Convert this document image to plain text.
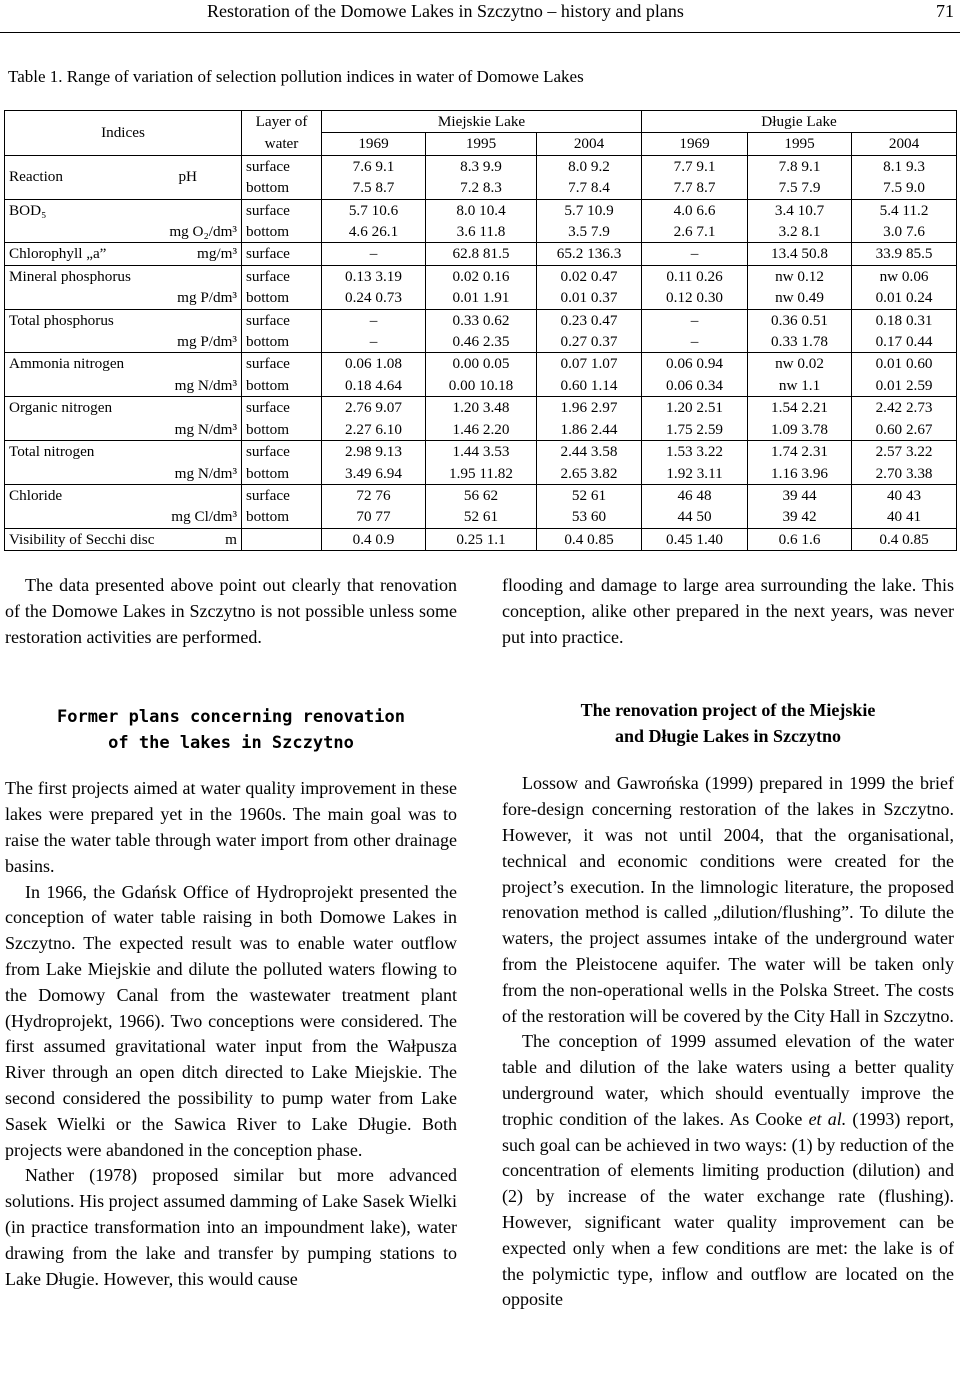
Restoration of the Domowe Lakes in Szczytno – history and plans	71
Table 1. Range of variation of selection pollution indices in water of Domowe Lakes
Indices	Layer of	Miejskie Lake			Długie Lake		
	water	1969	1995	2004	1969	1995	2004

Reaction pH	surface	7.6 9.1	8.3 9.9	8.0 9.2	7.7 9.1	7.8 9.1	8.1 9.3
	bottom	7.5 8.7	7.2 8.3	7.7 8.4	7.7 8.7	7.5 7.9	7.5 9.0

BOD₅
mg O₂/dm³	surface	5.7 10.6	8.0 10.4	5.7 10.9	4.0 6.6	3.4 10.7	5.4 11.2
	bottom	4.6 26.1	3.6 11.8	3.5 7.9	2.6 7.1	3.2 8.1	3.0 7.6

Chlorophyll „a” mg/m³	surface	–	62.8 81.5	65.2 136.3	–	13.4 50.8	33.9 85.5

Mineral phosphorus
mg P/dm³	surface	0.13 3.19	0.02 0.16	0.02 0.47	0.11 0.26	nw 0.12	nw 0.06
	bottom	0.24 0.73	0.01 1.91	0.01 0.37	0.12 0.30	nw 0.49	0.01 0.24

Total phosphorus
mg P/dm³	surface	–	0.33 0.62	0.23 0.47	–	0.36 0.51	0.18 0.31
	bottom	–	0.46 2.35	0.27 0.37	–	0.33 1.78	0.17 0.44

Ammonia nitrogen
mg N/dm³	surface	0.06 1.08	0.00 0.05	0.07 1.07	0.06 0.94	nw 0.02	0.01 0.60
	bottom	0.18 4.64	0.00 10.18	0.60 1.14	0.06 0.34	nw 1.1	0.01 2.59

Organic nitrogen
mg N/dm³	surface	2.76 9.07	1.20 3.48	1.96 2.97	1.20 2.51	1.54 2.21	2.42 2.73
	bottom	2.27 6.10	1.46 2.20	1.86 2.44	1.75 2.59	1.09 3.78	0.60 2.67

Total nitrogen
mg N/dm³	surface	2.98 9.13	1.44 3.53	2.44 3.58	1.53 3.22	1.74 2.31	2.57 3.22
	bottom	3.49 6.94	1.95 11.82	2.65 3.82	1.92 3.11	1.16 3.96	2.70 3.38

Chloride
mg Cl/dm³	surface	72 76	56 62	52 61	46 48	39 44	40 43
	bottom	70 77	52 61	53 60	44 50	39 42	40 41

Visibility of Secchi disc m		0.4 0.9	0.25 1.1	0.4 0.85	0.45 1.40	0.6 1.6	0.4 0.85

The data presented above point out clearly that renovation of the Domowe Lakes in Szczytno is not possible unless some restoration activities are performed.

Former plans concerning renovation
of the lakes in Szczytno

The first projects aimed at water quality improvement in these lakes were prepared yet in the 1960s. The main goal was to raise the water table through water import from other drainage basins.

In 1966, the Gdańsk Office of Hydroprojekt presented the conception of water table raising in both Domowe Lakes in Szczytno. The expected result was to enable water outflow from Lake Miejskie and dilute the polluted waters flowing to the Domowy Canal from the wastewater treatment plant (Hydroprojekt, 1966). Two conceptions were considered. The first assumed gravitational water input from the Wałpusza River through an open ditch directed to Lake Miejskie. The second considered the possibility to pump water from Lake Sasek Wielki or the Sawica River to Lake Długie. Both projects were abandoned in the conception phase.

Nather (1978) proposed similar but more advanced solutions. His project assumed damming of Lake Sasek Wielki (in practice transformation into an impoundment lake), water drawing from the lake and transfer by pumping stations to Lake Długie. However, this would cause

flooding and damage to large area surrounding the lake. This conception, alike other prepared in the next years, was never put into practice.

The renovation project of the Miejskie
and Długie Lakes in Szczytno

Lossow and Gawrońska (1999) prepared in 1999 the brief fore-design concerning restoration of the lakes in Szczytno. However, it was not until 2004, that the organisational, technical and economic conditions were created for the project’s execution. In the limnologic literature, the proposed renovation method is called „dilution/flushing”. To dilute the waters, the project assumes intake of the underground water from the Pleistocene aquifer. The water will be taken only from the non-operational wells in the Polska Street. The costs of the restoration will be covered by the City Hall in Szczytno.

The conception of 1999 assumed elevation of the water table and dilution of the lake waters using a better quality underground water, which should eventually improve the trophic condition of the lakes. As Cooke et al. (1993) report, such goal can be achieved in two ways: (1) by reduction of the concentration of elements limiting production (dilution) and (2) by increase of the water exchange rate (flushing). However, significant water quality improvement can be expected only when a few conditions are met: the lake is of the polymictic type, inflow and outflow are located on the opposite
